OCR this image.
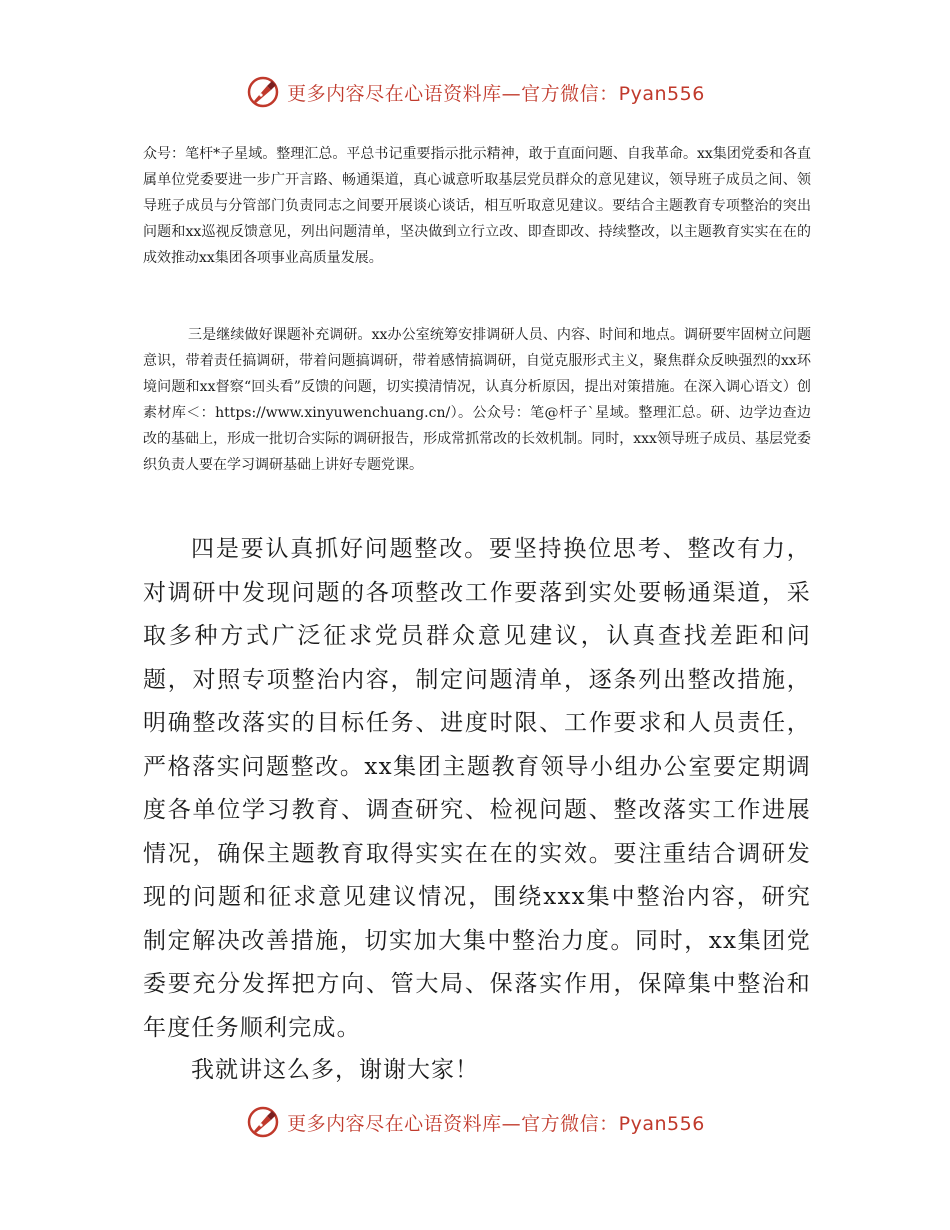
更多内容尽在心语资料库—官方微信：Pyan556

众号：笔杆*子星域。整理汇总。平总书记重要指示批示精神，敢于直面问题、自我革命。xx集团党委和各直属单位党委要进一步广开言路、畅通渠道，真心诚意听取基层党员群众的意见建议，领导班子成员之间、领导班子成员与分管部门负责同志之间要开展谈心谈话，相互听取意见建议。要结合主题教育专项整治的突出问题和xx巡视反馈意见，列出问题清单，坚决做到立行立改、即查即改、持续整改，以主题教育实实在在的成效推动xx集团各项事业高质量发展。

三是继续做好课题补充调研。xx办公室统筹安排调研人员、内容、时间和地点。调研要牢固树立问题意识，带着责任搞调研，带着问题搞调研，带着感情搞调研，自觉克服形式主义，聚焦群众反映强烈的xx环境问题和xx督察“回头看”反馈的问题，切实摸清情况，认真分析原因，提出对策措施。在深入调心语文）创素材库＜：https://www.xinyuwenchuang.cn/）。公众号：笔@杆子`星域。整理汇总。研、边学边查边改的基础上，形成一批切合实际的调研报告，形成常抓常改的长效机制。同时，xxx领导班子成员、基层党委织负责人要在学习调研基础上讲好专题党课。

四是要认真抓好问题整改。要坚持换位思考、整改有力，对调研中发现问题的各项整改工作要落到实处要畅通渠道，采取多种方式广泛征求党员群众意见建议，认真查找差距和问题，对照专项整治内容，制定问题清单，逐条列出整改措施，明确整改落实的目标任务、进度时限、工作要求和人员责任，严格落实问题整改。xx集团主题教育领导小组办公室要定期调度各单位学习教育、调查研究、检视问题、整改落实工作进展情况，确保主题教育取得实实在在的实效。要注重结合调研发现的问题和征求意见建议情况，围绕xxx集中整治内容，研究制定解决改善措施，切实加大集中整治力度。同时，xx集团党委要充分发挥把方向、管大局、保落实作用，保障集中整治和年度任务顺利完成。

我就讲这么多，谢谢大家！

更多内容尽在心语资料库—官方微信：Pyan556
